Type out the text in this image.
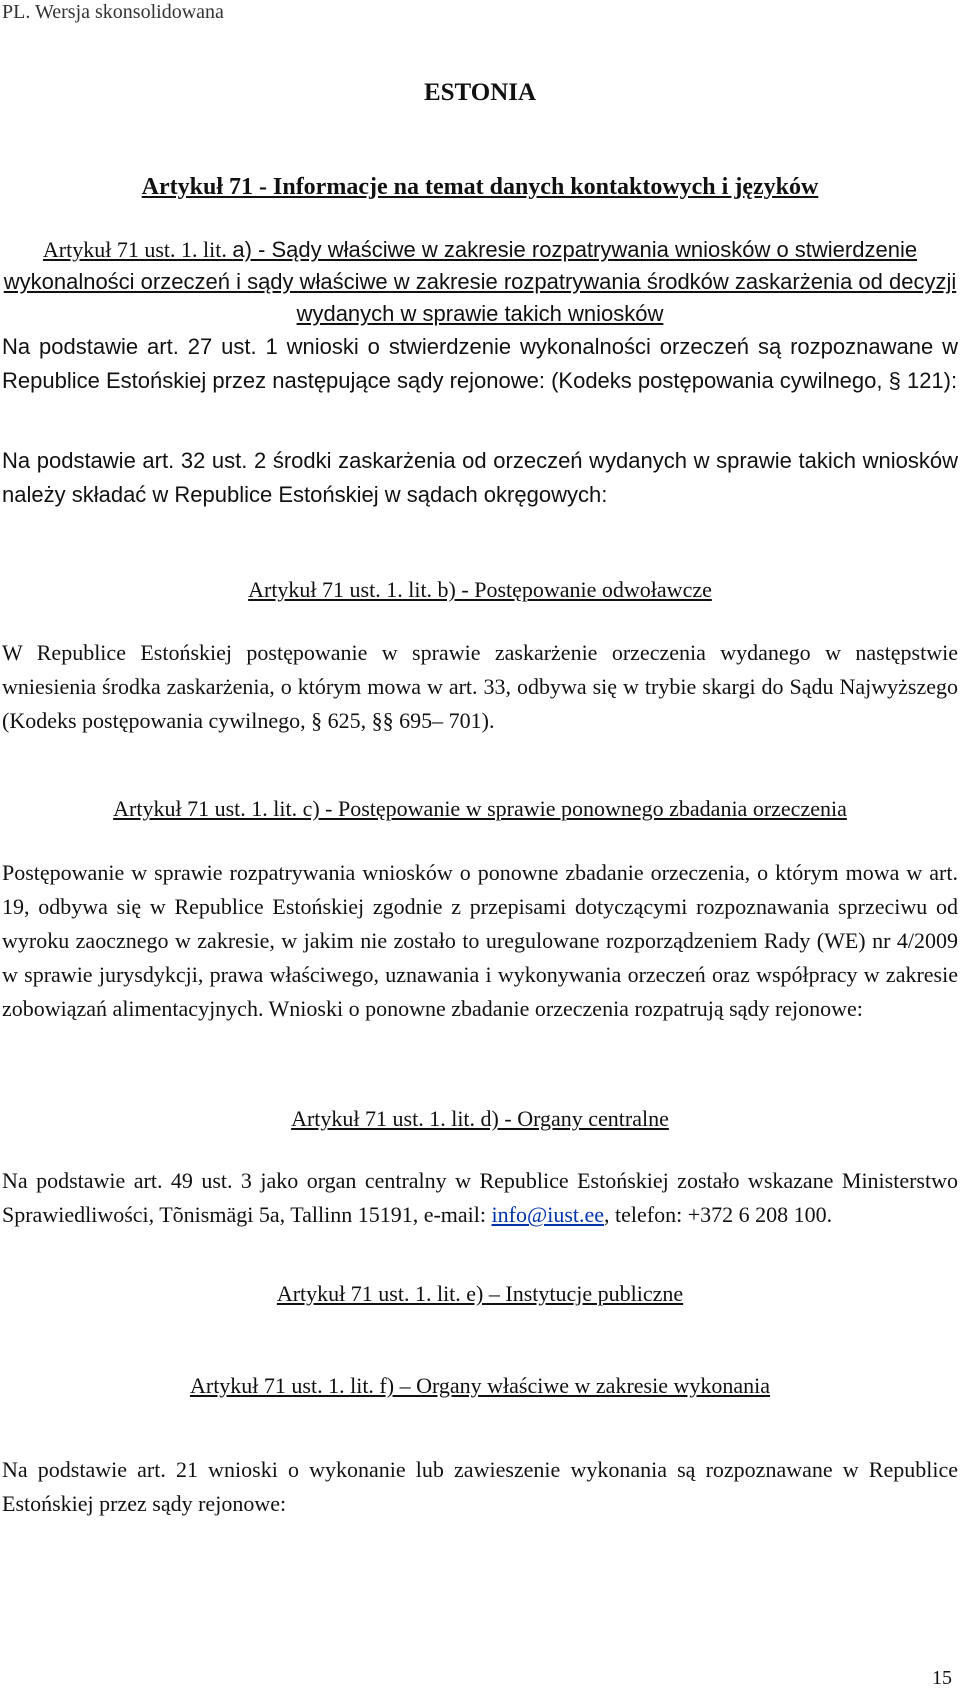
PL. Wersja skonsolidowana
ESTONIA
Artykuł 71 - Informacje na temat danych kontaktowych i języków
Artykuł 71 ust. 1. lit. a) - Sądy właściwe w zakresie rozpatrywania wniosków o stwierdzenie wykonalności orzeczeń i sądy właściwe w zakresie rozpatrywania środków zaskarżenia od decyzji wydanych w sprawie takich wniosków
Na podstawie art. 27 ust. 1 wnioski o stwierdzenie wykonalności orzeczeń są rozpoznawane w Republice Estońskiej przez następujące sądy rejonowe: (Kodeks postępowania cywilnego, § 121):
Na podstawie art. 32 ust. 2 środki zaskarżenia od orzeczeń wydanych w sprawie takich wniosków należy składać w Republice Estońskiej w sądach okręgowych:
Artykuł 71 ust. 1. lit. b) - Postępowanie odwoławcze
W Republice Estońskiej postępowanie w sprawie zaskarżenie orzeczenia wydanego w następstwie wniesienia środka zaskarżenia, o którym mowa w art. 33, odbywa się w trybie skargi do Sądu Najwyższego (Kodeks postępowania cywilnego, § 625, §§ 695– 701).
Artykuł 71 ust. 1. lit. c) - Postępowanie w sprawie ponownego zbadania orzeczenia
Postępowanie w sprawie rozpatrywania wniosków o ponowne zbadanie orzeczenia, o którym mowa w art. 19, odbywa się w Republice Estońskiej zgodnie z przepisami dotyczącymi rozpoznawania sprzeciwu od wyroku zaocznego w zakresie, w jakim nie zostało to uregulowane rozporządzeniem Rady (WE) nr 4/2009 w sprawie jurysdykcji, prawa właściwego, uznawania i wykonywania orzeczeń oraz współpracy w zakresie zobowiązań alimentacyjnych. Wnioski o ponowne zbadanie orzeczenia rozpatrują sądy rejonowe:
Artykuł 71 ust. 1. lit. d) - Organy centralne
Na podstawie art. 49 ust. 3 jako organ centralny w Republice Estońskiej zostało wskazane Ministerstwo Sprawiedliwości, Tõnismägi 5a, Tallinn 15191, e-mail: info@iust.ee, telefon: +372 6 208 100.
Artykuł 71 ust. 1. lit. e) – Instytucje publiczne
Artykuł 71 ust. 1. lit. f) – Organy właściwe w zakresie wykonania
Na podstawie art. 21 wnioski o wykonanie lub zawieszenie wykonania są rozpoznawane w Republice Estońskiej przez sądy rejonowe:
15
